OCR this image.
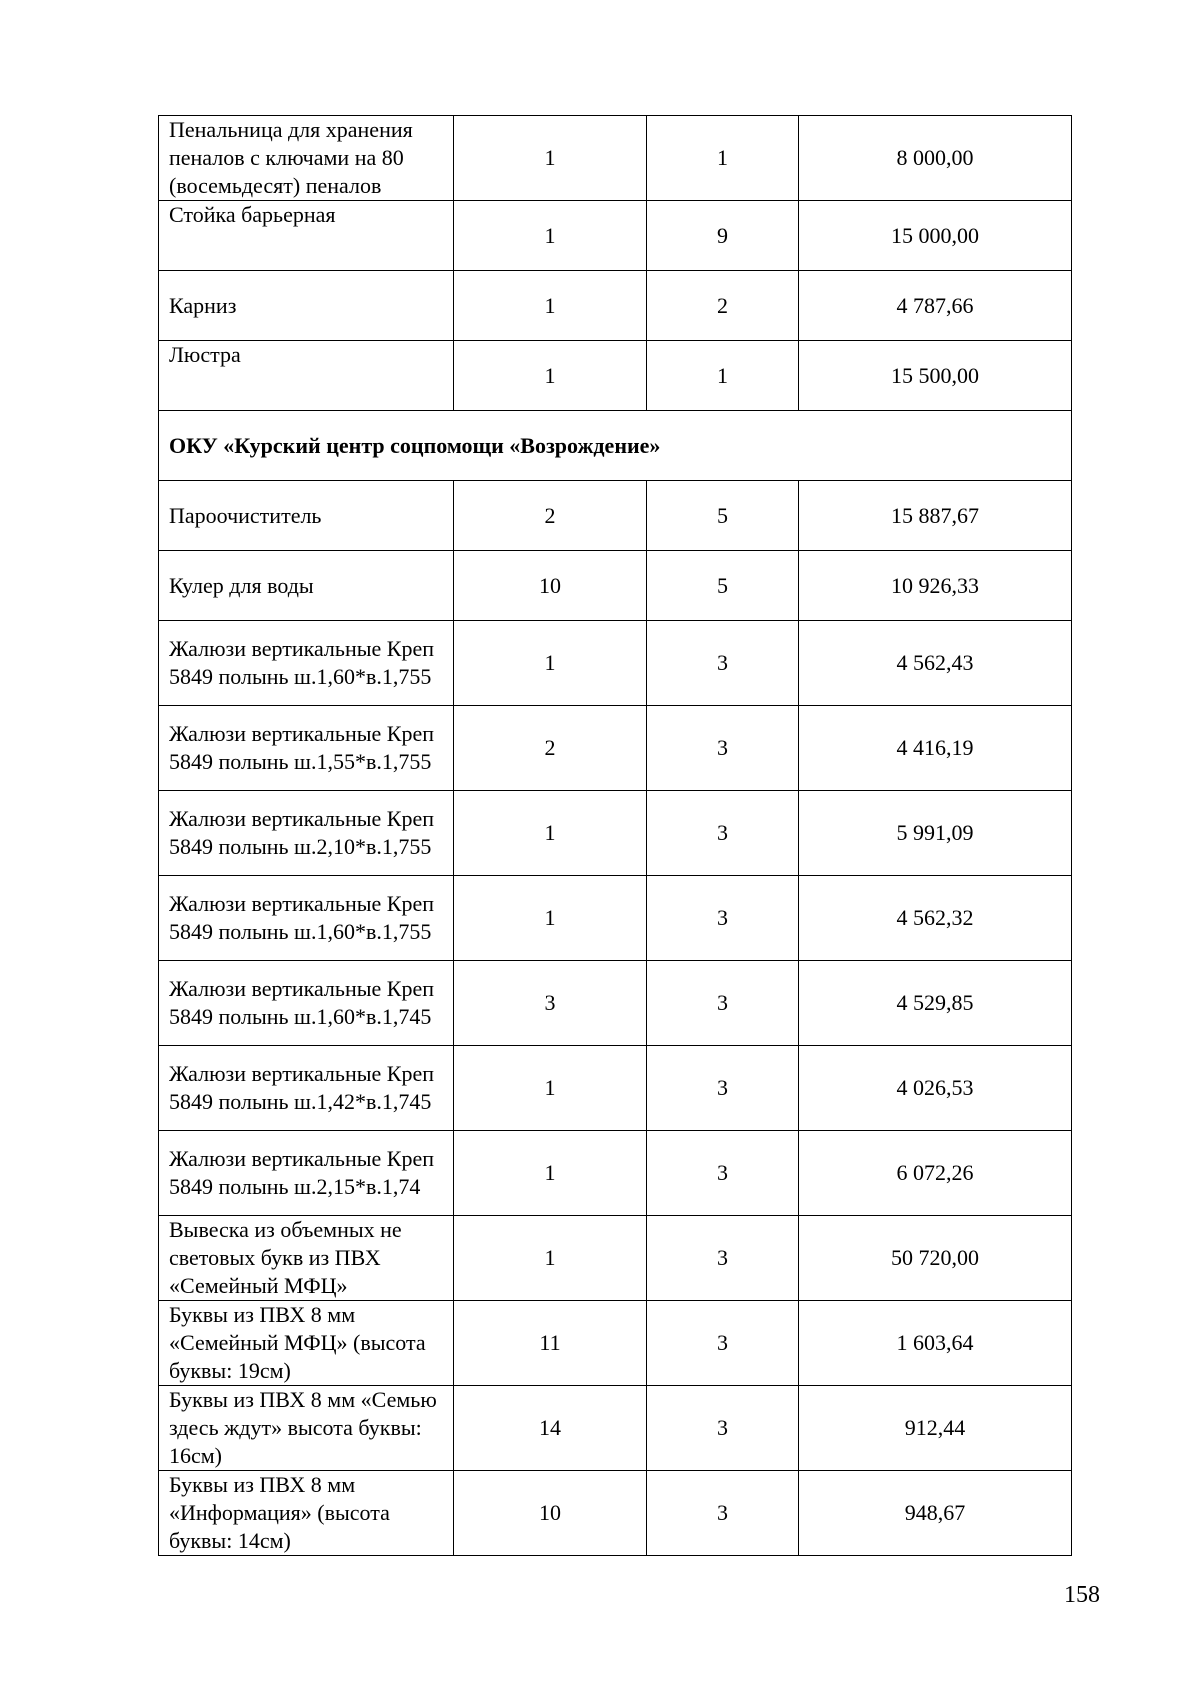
Пенальница для хранения пеналов с ключами на 80 (восемьдесят) пеналов	1	1	8 000,00
Стойка барьерная	1	9	15 000,00
Карниз	1	2	4 787,66
Люстра	1	1	15 500,00
ОКУ «Курский центр соцпомощи «Возрождение»			
Пароочиститель	2	5	15 887,67
Кулер для воды	10	5	10 926,33
Жалюзи вертикальные Креп 5849 полынь ш.1,60*в.1,755	1	3	4 562,43
Жалюзи вертикальные Креп 5849 полынь ш.1,55*в.1,755	2	3	4 416,19
Жалюзи вертикальные Креп 5849 полынь ш.2,10*в.1,755	1	3	5 991,09
Жалюзи вертикальные Креп 5849 полынь ш.1,60*в.1,755	1	3	4 562,32
Жалюзи вертикальные Креп 5849 полынь ш.1,60*в.1,745	3	3	4 529,85
Жалюзи вертикальные Креп 5849 полынь ш.1,42*в.1,745	1	3	4 026,53
Жалюзи вертикальные Креп 5849 полынь ш.2,15*в.1,74	1	3	6 072,26
Вывеска из объемных не световых букв из ПВХ «Семейный МФЦ»	1	3	50 720,00
Буквы из ПВХ 8 мм «Семейный МФЦ» (высота буквы: 19см)	11	3	1 603,64
Буквы из ПВХ 8 мм «Семью здесь ждут» высота буквы: 16см)	14	3	912,44
Буквы из ПВХ 8 мм «Информация» (высота буквы: 14см)	10	3	948,67
158
